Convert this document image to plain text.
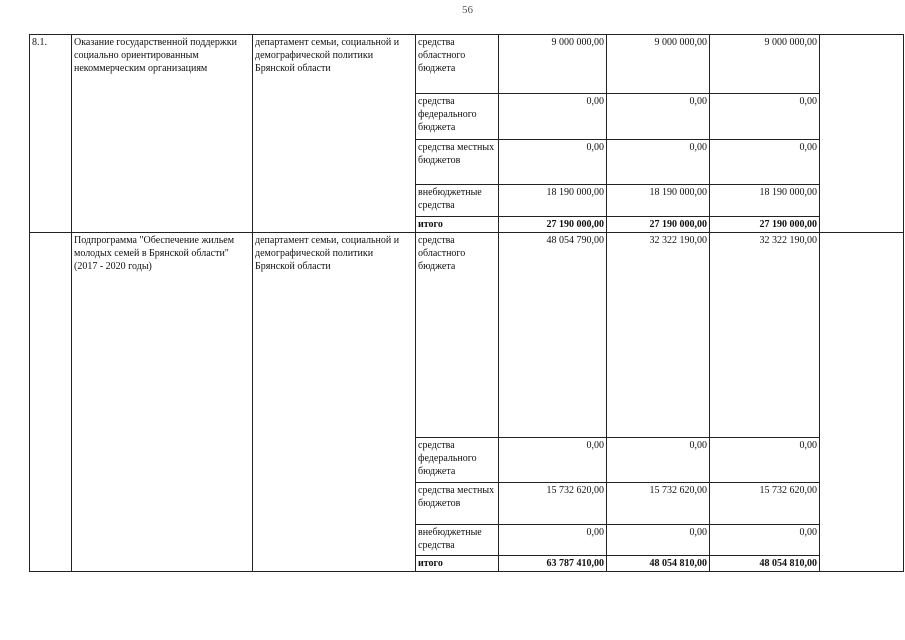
56
8.1.	Оказание государственной поддержки социально ориентированным некоммерческим организациям	департамент семьи, социальной и демографической политики Брянской области	средства областного бюджета	9 000 000,00	9 000 000,00	9 000 000,00	
			средства федерального бюджета	0,00	0,00	0,00	
			средства местных бюджетов	0,00	0,00	0,00	
			внебюджетные средства	18 190 000,00	18 190 000,00	18 190 000,00	
			итого	27 190 000,00	27 190 000,00	27 190 000,00	
	Подпрограмма "Обеспечение жильем молодых семей в Брянской области" (2017 - 2020 годы)	департамент семьи, социальной и демографической политики Брянской области	средства областного бюджета	48 054 790,00	32 322 190,00	32 322 190,00	
			средства федерального бюджета	0,00	0,00	0,00	
			средства местных бюджетов	15 732 620,00	15 732 620,00	15 732 620,00	
			внебюджетные средства	0,00	0,00	0,00	
			итого	63 787 410,00	48 054 810,00	48 054 810,00	
